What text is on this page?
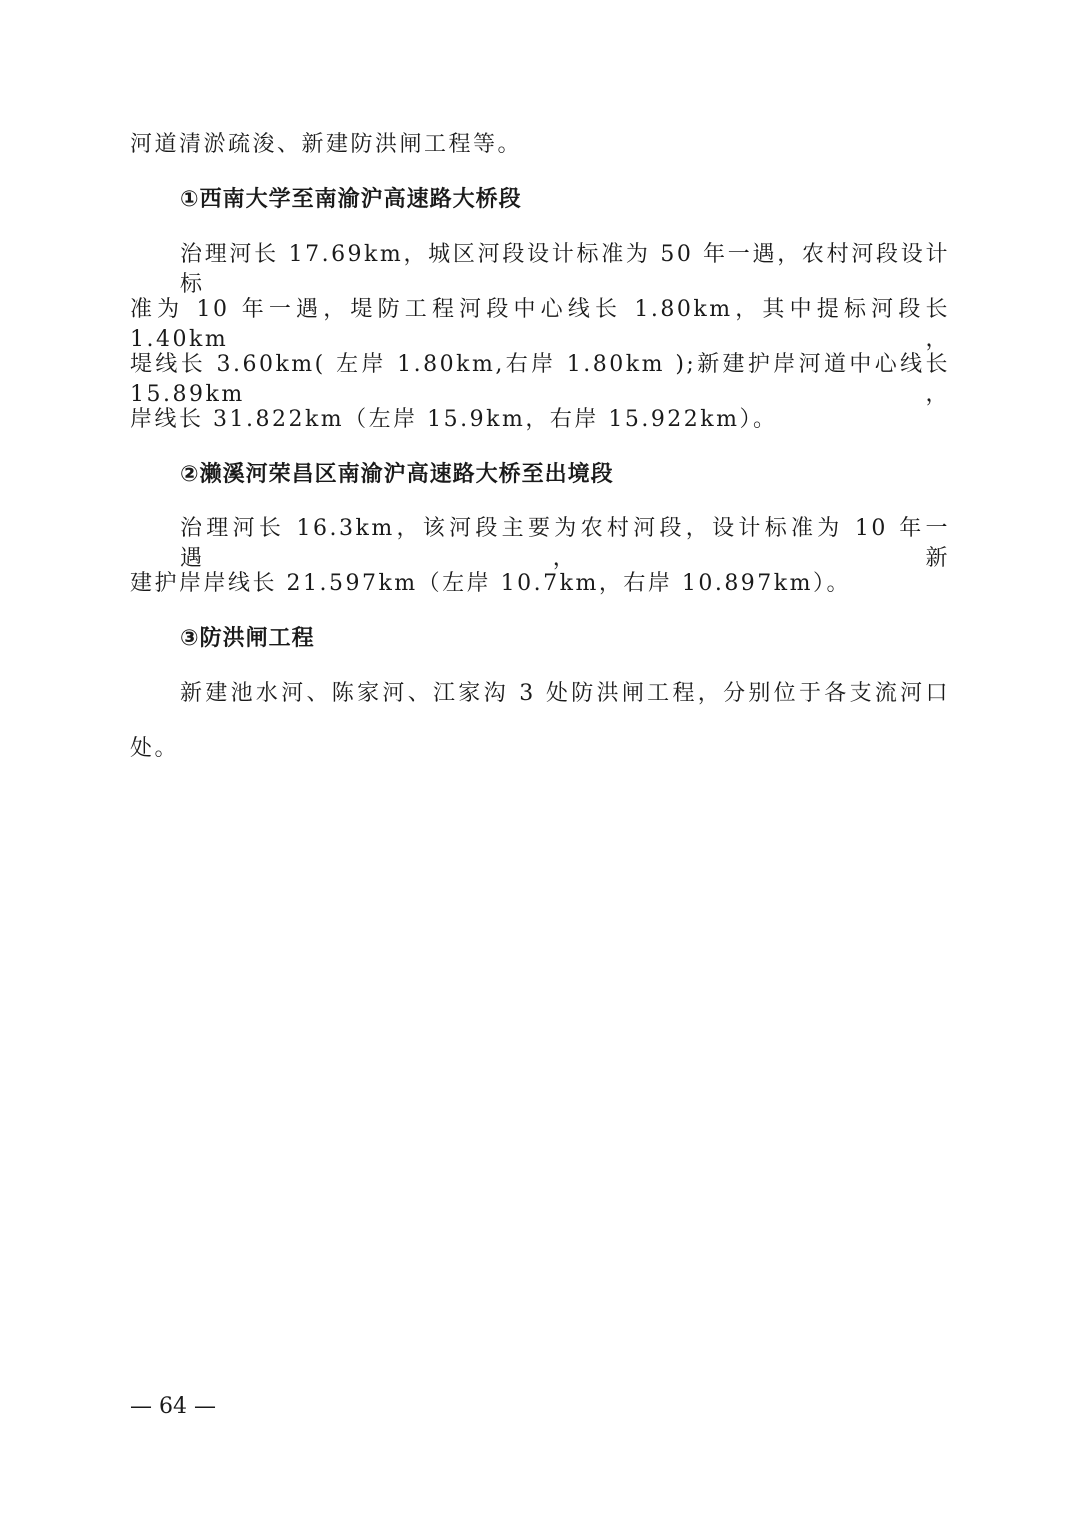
河道清淤疏浚、新建防洪闸工程等。
①西南大学至南渝沪高速路大桥段
治理河长 17.69km，城区河段设计标准为 50 年一遇，农村河段设计标
准为 10 年一遇，堤防工程河段中心线长 1.80km，其中提标河段长 1.40km，
堤线长 3.60km( 左岸 1.80km,右岸 1.80km );新建护岸河道中心线长 15.89km，
岸线长 31.822km（左岸 15.9km，右岸 15.922km）。
②濑溪河荣昌区南渝沪高速路大桥至出境段
治理河长 16.3km，该河段主要为农村河段，设计标准为 10 年一遇，新
建护岸岸线长 21.597km（左岸 10.7km，右岸 10.897km）。
③防洪闸工程
新建池水河、陈家河、江家沟 3 处防洪闸工程，分别位于各支流河口
处。
— 64 —
